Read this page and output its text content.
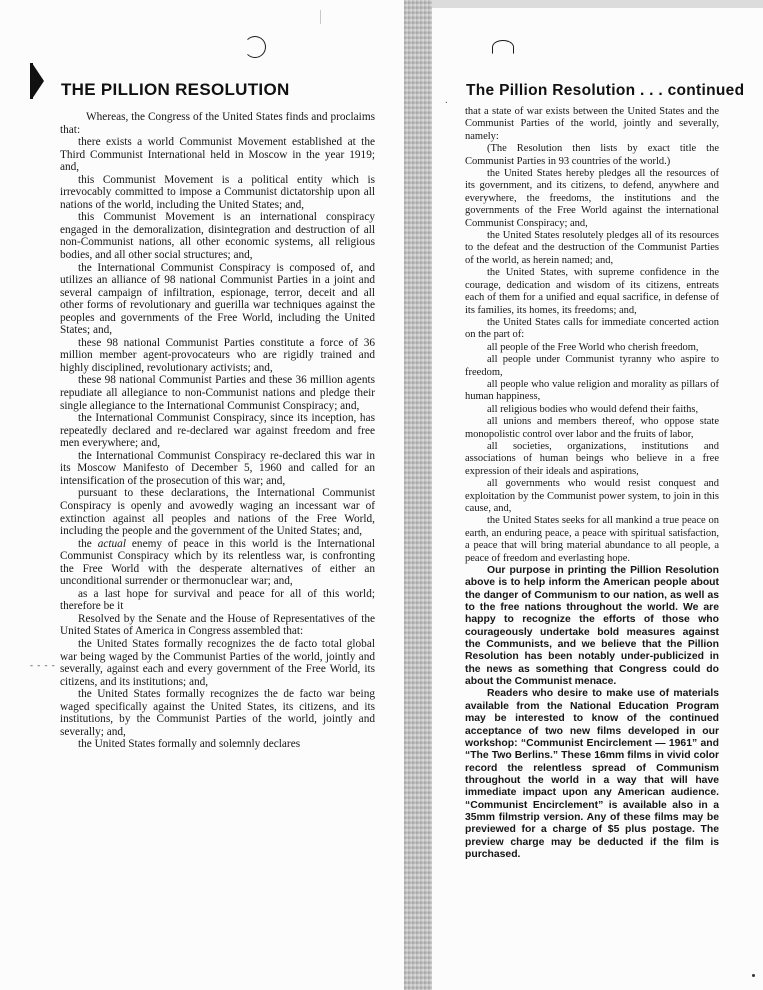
.
- - - -
THE PILLION RESOLUTION

Whereas, the Congress of the United States finds and proclaims that:

there exists a world Communist Movement established at the Third Communist International held in Moscow in the year 1919; and,

this Communist Movement is a political entity which is irrevocably committed to impose a Communist dictatorship upon all nations of the world, including the United States; and,

this Communist Movement is an international conspiracy engaged in the demoralization, disintegration and destruction of all non-Communist nations, all other economic systems, all religious bodies, and all other social structures; and,

the International Communist Conspiracy is composed of, and utilizes an alliance of 98 national Communist Parties in a joint and several campaign of infiltration, espionage, terror, deceit and all other forms of revolutionary and guerilla war techniques against the peoples and governments of the Free World, including the United States; and,

these 98 national Communist Parties constitute a force of 36 million member agent-provocateurs who are rigidly trained and highly disciplined, revolutionary activists; and,

these 98 national Communist Parties and these 36 million agents repudiate all allegiance to non-Communist nations and pledge their single allegiance to the International Communist Conspiracy; and,

the International Communist Conspiracy, since its inception, has repeatedly declared and re-declared war against freedom and free men everywhere; and,

the International Communist Conspiracy re-declared this war in its Moscow Manifesto of December 5, 1960 and called for an intensification of the prosecution of this war; and,

pursuant to these declarations, the International Communist Conspiracy is openly and avowedly waging an incessant war of extinction against all peoples and nations of the Free World, including the people and the government of the United States; and,

the actual enemy of peace in this world is the International Communist Conspiracy which by its relentless war, is confronting the Free World with the desperate alternatives of either an unconditional surrender or thermonuclear war; and,

as a last hope for survival and peace for all of this world; therefore be it

Resolved by the Senate and the House of Representatives of the United States of America in Congress assembled that:

the United States formally recognizes the de facto total global war being waged by the Communist Parties of the world, jointly and severally, against each and every government of the Free World, its citizens, and its institutions; and,

the United States formally recognizes the de facto war being waged specifically against the United States, its citizens, and its institutions, by the Communist Parties of the world, jointly and severally; and,

the United States formally and solemnly declares

The Pillion Resolution . . . continued

that a state of war exists between the United States and the Communist Parties of the world, jointly and severally, namely:

(The Resolution then lists by exact title the Communist Parties in 93 countries of the world.)

the United States hereby pledges all the resources of its government, and its citizens, to defend, anywhere and everywhere, the freedoms, the institutions and the governments of the Free World against the international Communist Conspiracy; and,

the United States resolutely pledges all of its resources to the defeat and the destruction of the Communist Parties of the world, as herein named; and,

the United States, with supreme confidence in the courage, dedication and wisdom of its citizens, entreats each of them for a unified and equal sacrifice, in defense of its families, its homes, its freedoms; and,

the United States calls for immediate concerted action on the part of:

all people of the Free World who cherish freedom,

all people under Communist tyranny who aspire to freedom,

all people who value religion and morality as pillars of human happiness,

all religious bodies who would defend their faiths,

all unions and members thereof, who oppose state monopolistic control over labor and the fruits of labor,

all societies, organizations, institutions and associations of human beings who believe in a free expression of their ideals and aspirations,

all governments who would resist conquest and exploitation by the Communist power system, to join in this cause, and,

the United States seeks for all mankind a true peace on earth, an enduring peace, a peace with spiritual satisfaction, a peace that will bring material abundance to all people, a peace of freedom and everlasting hope.

Our purpose in printing the Pillion Resolution above is to help inform the American people about the danger of Communism to our nation, as well as to the free nations throughout the world. We are happy to recognize the efforts of those who courageously undertake bold measures against the Communists, and we believe that the Pillion Resolution has been notably under-publicized in the news as something that Congress could do about the Communist menace.

Readers who desire to make use of materials available from the National Education Program may be interested to know of the continued acceptance of two new films developed in our workshop: “Communist Encirclement — 1961” and “The Two Berlins.” These 16mm films in vivid color record the relentless spread of Communism throughout the world in a way that will have immediate impact upon any American audience. “Communist Encirclement” is available also in a 35mm filmstrip version. Any of these films may be previewed for a charge of $5 plus postage. The preview charge may be deducted if the film is purchased.
